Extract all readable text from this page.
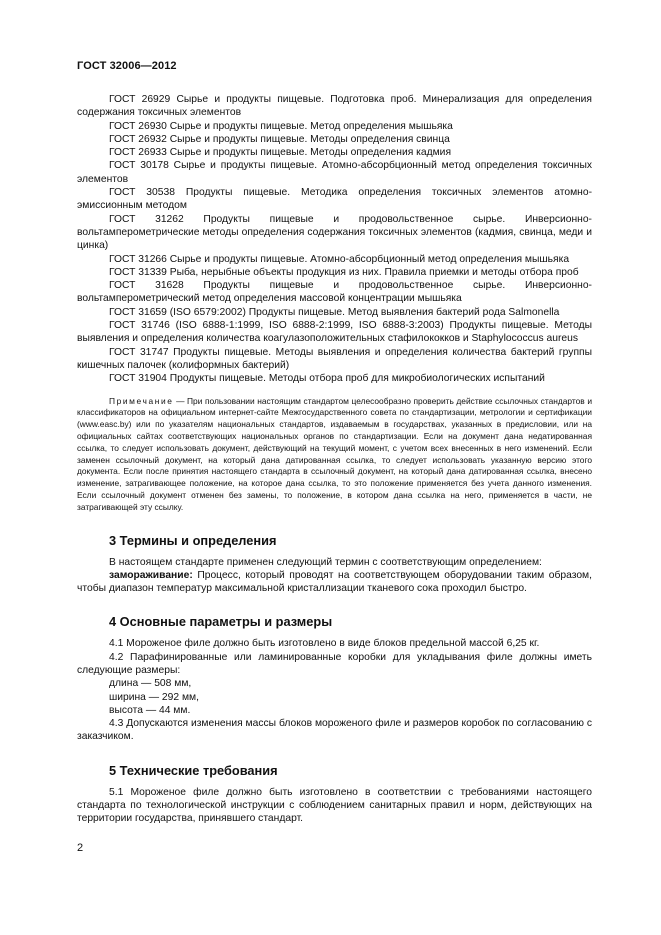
ГОСТ 32006—2012

ГОСТ 26929 Сырье и продукты пищевые. Подготовка проб. Минерализация для определения содержания токсичных элементов

ГОСТ 26930 Сырье и продукты пищевые. Метод определения мышьяка

ГОСТ 26932 Сырье и продукты пищевые. Методы определения свинца

ГОСТ 26933 Сырье и продукты пищевые. Методы определения кадмия

ГОСТ 30178 Сырье и продукты пищевые. Атомно-абсорбционный метод определения токсичных элементов

ГОСТ 30538 Продукты пищевые. Методика определения токсичных элементов атомно-эмиссионным методом

ГОСТ 31262 Продукты пищевые и продовольственное сырье. Инверсионно-вольтамперометрические методы определения содержания токсичных элементов (кадмия, свинца, меди и цинка)

ГОСТ 31266 Сырье и продукты пищевые. Атомно-абсорбционный метод определения мышьяка

ГОСТ 31339 Рыба, нерыбные объекты продукция из них. Правила приемки и методы отбора проб

ГОСТ 31628 Продукты пищевые и продовольственное сырье. Инверсионно-вольтамперометрический метод определения массовой концентрации мышьяка

ГОСТ 31659 (ISO 6579:2002) Продукты пищевые. Метод выявления бактерий рода Salmonella

ГОСТ 31746 (ISO 6888-1:1999, ISO 6888-2:1999, ISO 6888-3:2003) Продукты пищевые. Методы выявления и определения количества коагулазоположительных стафилококков и Staphylococcus aureus

ГОСТ 31747 Продукты пищевые. Методы выявления и определения количества бактерий группы кишечных палочек (колиформных бактерий)

ГОСТ 31904 Продукты пищевые. Методы отбора проб для микробиологических испытаний

Примечание — При пользовании настоящим стандартом целесообразно проверить действие ссылочных стандартов и классификаторов на официальном интернет-сайте Межгосударственного совета по стандартизации, метрологии и сертификации (www.easc.by) или по указателям национальных стандартов, издаваемым в государствах, указанных в предисловии, или на официальных сайтах соответствующих национальных органов по стандартизации. Если на документ дана недатированная ссылка, то следует использовать документ, действующий на текущий момент, с учетом всех внесенных в него изменений. Если заменен ссылочный документ, на который дана датированная ссылка, то следует использовать указанную версию этого документа. Если после принятия настоящего стандарта в ссылочный документ, на который дана датированная ссылка, внесено изменение, затрагивающее положение, на которое дана ссылка, то это положение применяется без учета данного изменения. Если ссылочный документ отменен без замены, то положение, в котором дана ссылка на него, применяется в части, не затрагивающей эту ссылку.
3 Термины и определения

В настоящем стандарте применен следующий термин с соответствующим определением:

замораживание: Процесс, который проводят на соответствующем оборудовании таким образом, чтобы диапазон температур максимальной кристаллизации тканевого сока проходил быстро.

4 Основные параметры и размеры

4.1 Мороженое филе должно быть изготовлено в виде блоков предельной массой 6,25 кг.

4.2 Парафинированные или ламинированные коробки для укладывания филе должны иметь следующие размеры:

длина — 508 мм,

ширина — 292 мм,

высота — 44 мм.

4.3 Допускаются изменения массы блоков мороженого филе и размеров коробок по согласованию с заказчиком.

5 Технические требования

5.1 Мороженое филе должно быть изготовлено в соответствии с требованиями настоящего стандарта по технологической инструкции с соблюдением санитарных правил и норм, действующих на территории государства, принявшего стандарт.

2
